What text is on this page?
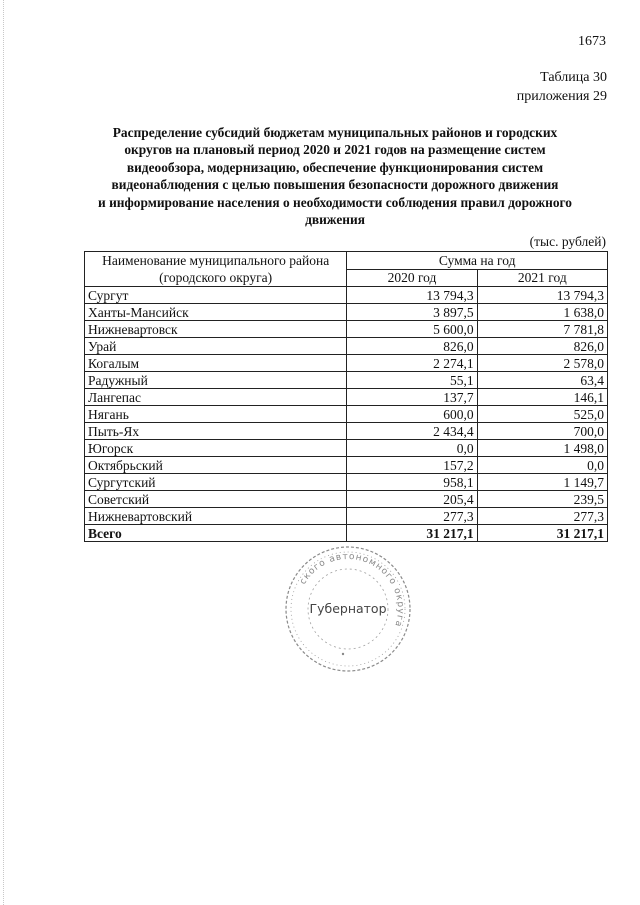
1673
Таблица 30
приложения 29
Распределение субсидий бюджетам муниципальных районов и городских
округов на плановый период 2020 и 2021 годов на размещение систем
видеообзора, модернизацию, обеспечение функционирования систем
видеонаблюдения с целью повышения безопасности дорожного движения
и информирование населения о необходимости соблюдения правил дорожного
движения
(тыс. рублей)
Наименование муниципального района
(городского округа)	Сумма на год	
	2020 год	2021 год
Сургут	13 794,3	13 794,3
Ханты-Мансийск	3 897,5	1 638,0
Нижневартовск	5 600,0	7 781,8
Урай	826,0	826,0
Когалым	2 274,1	2 578,0
Радужный	55,1	63,4
Лангепас	137,7	146,1
Нягань	600,0	525,0
Пыть-Ях	2 434,4	700,0
Югорск	0,0	1 498,0
Октябрьский	157,2	0,0
Сургутский	958,1	1 149,7
Советский	205,4	239,5
Нижневартовский	277,3	277,3
Всего	31 217,1	31 217,1
ского автономного округа
Губернатор
